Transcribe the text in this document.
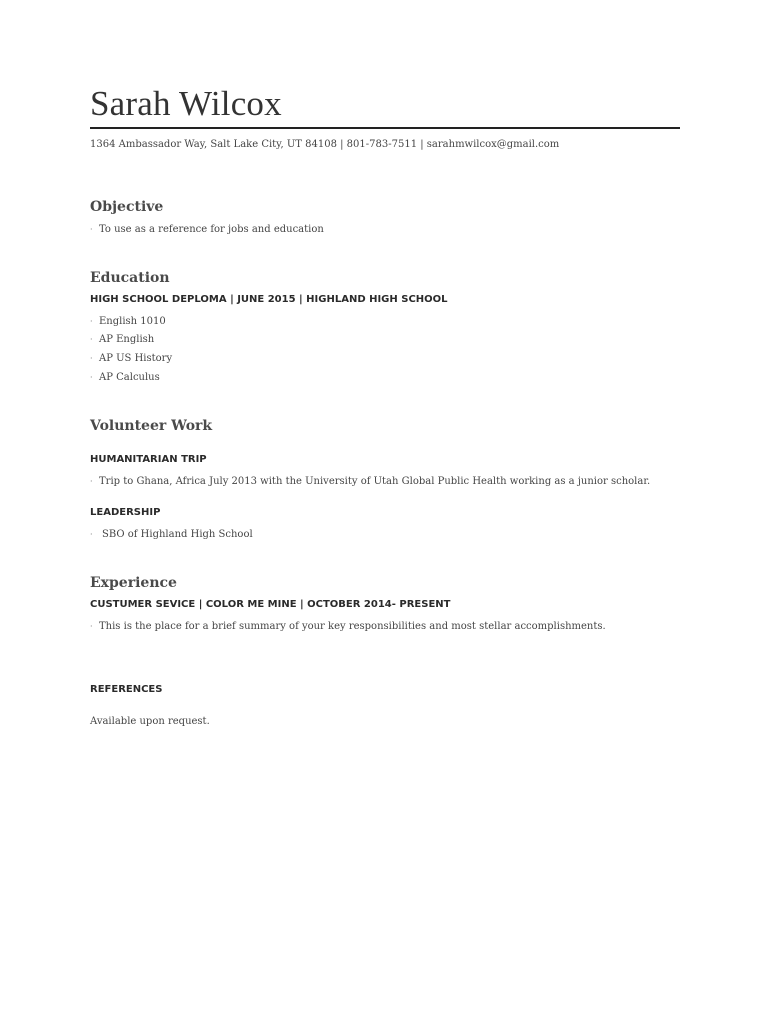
Sarah Wilcox
1364 Ambassador Way, Salt Lake City, UT 84108 | 801-783-7511 | sarahmwilcox@gmail.com
Objective
· To use as a reference for jobs and education
Education
HIGH SCHOOL DEPLOMA | JUNE 2015 | HIGHLAND HIGH SCHOOL
· English 1010
· AP English
· AP US History
· AP Calculus
Volunteer Work
HUMANITARIAN TRIP
· Trip to Ghana, Africa July 2013 with the University of Utah Global Public Health working as a junior scholar.
LEADERSHIP
· SBO of Highland High School
Experience
CUSTUMER SEVICE | COLOR ME MINE | OCTOBER 2014- PRESENT
· This is the place for a brief summary of your key responsibilities and most stellar accomplishments.
REFERENCES
Available upon request.
